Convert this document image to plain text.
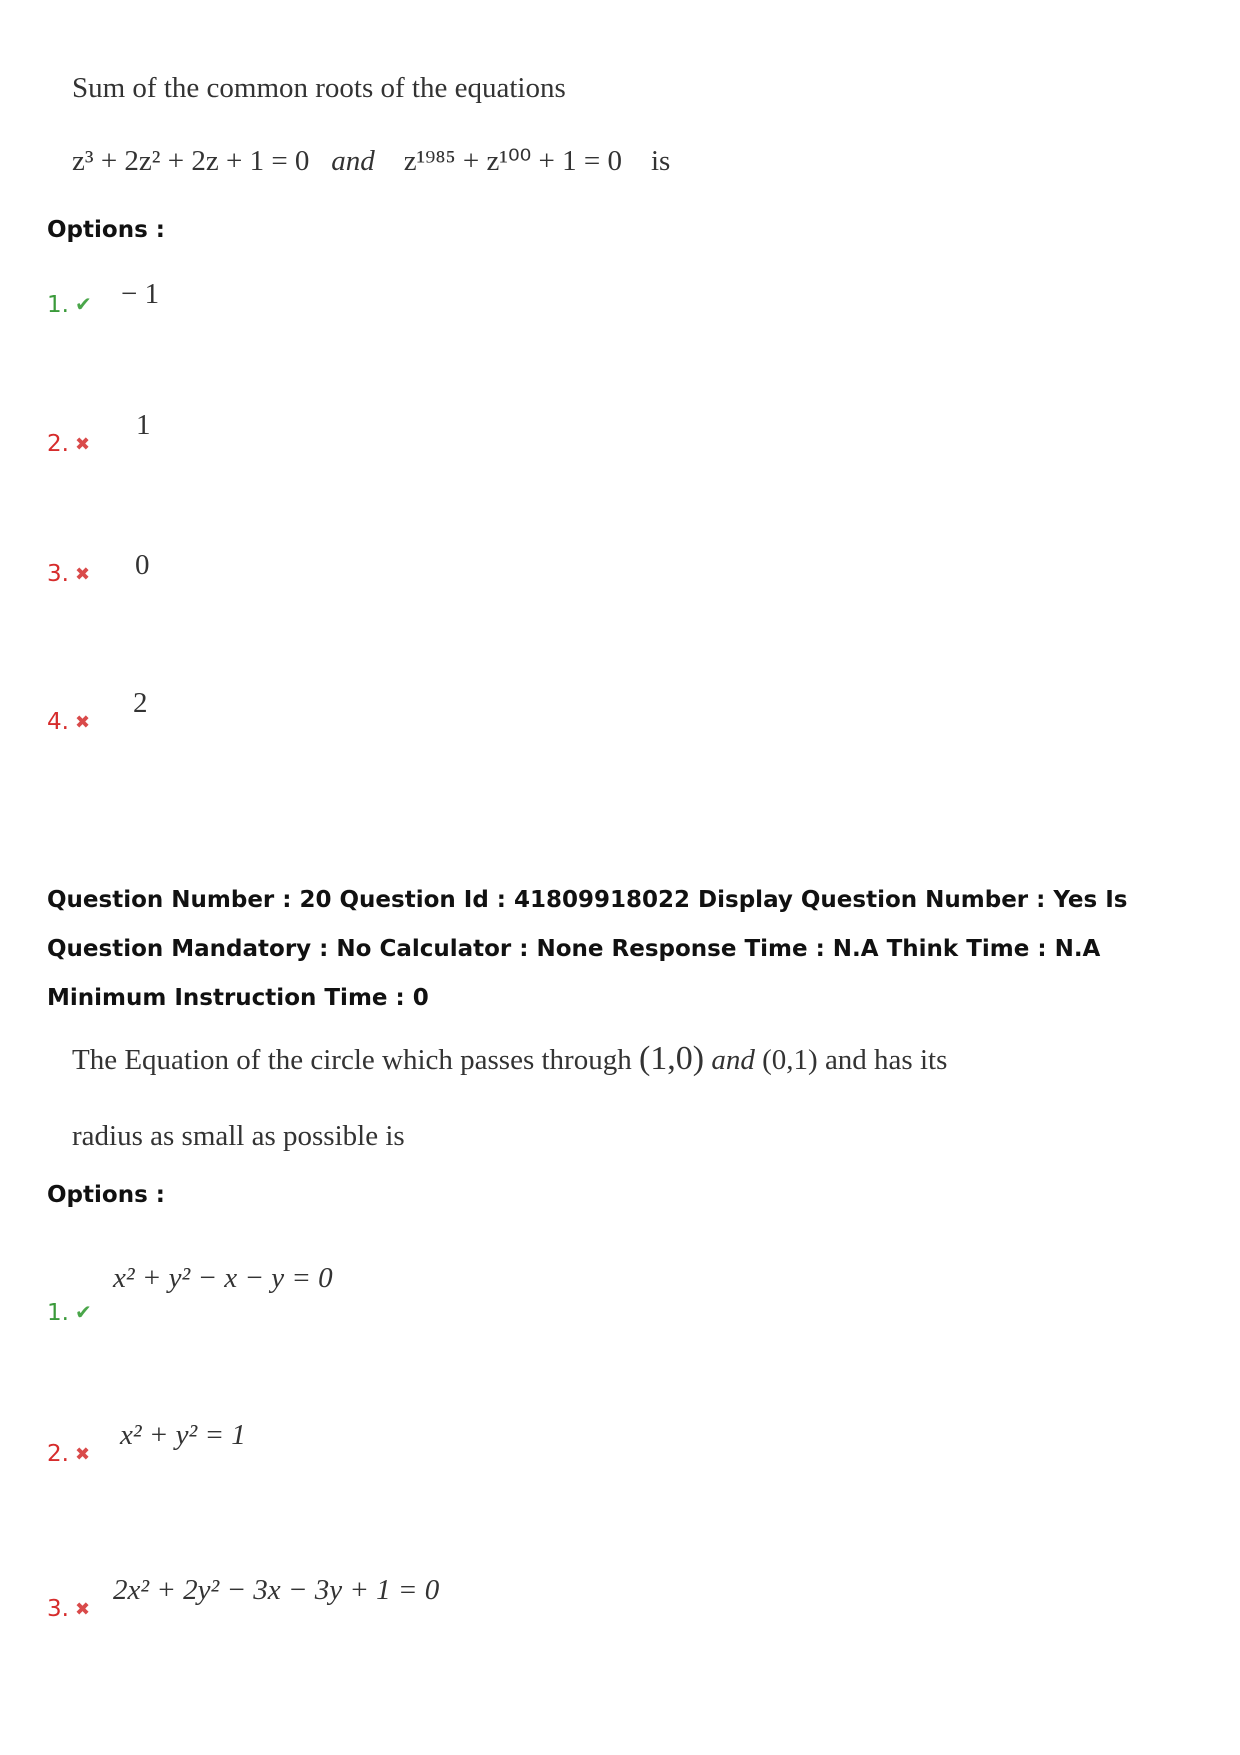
Sum of the common roots of the equations
z³ + 2z² + 2z + 1 = 0 and z¹⁹⁸⁵ + z¹⁰⁰ + 1 = 0 is
Options :
1. ✔ − 1
2. ✖
1
3. ✖ 0
4. ✖
2
Question Number : 20 Question Id : 41809918022 Display Question Number : Yes Is Question Mandatory : No Calculator : None Response Time : N.A Think Time : N.A Minimum Instruction Time : 0
The Equation of the circle which passes through (1,0) and (0,1) and has its
radius as small as possible is
Options :
1. ✔
x² + y² − x − y = 0
2. ✖
x² + y² = 1
3. ✖
2x² + 2y² − 3x − 3y + 1 = 0
